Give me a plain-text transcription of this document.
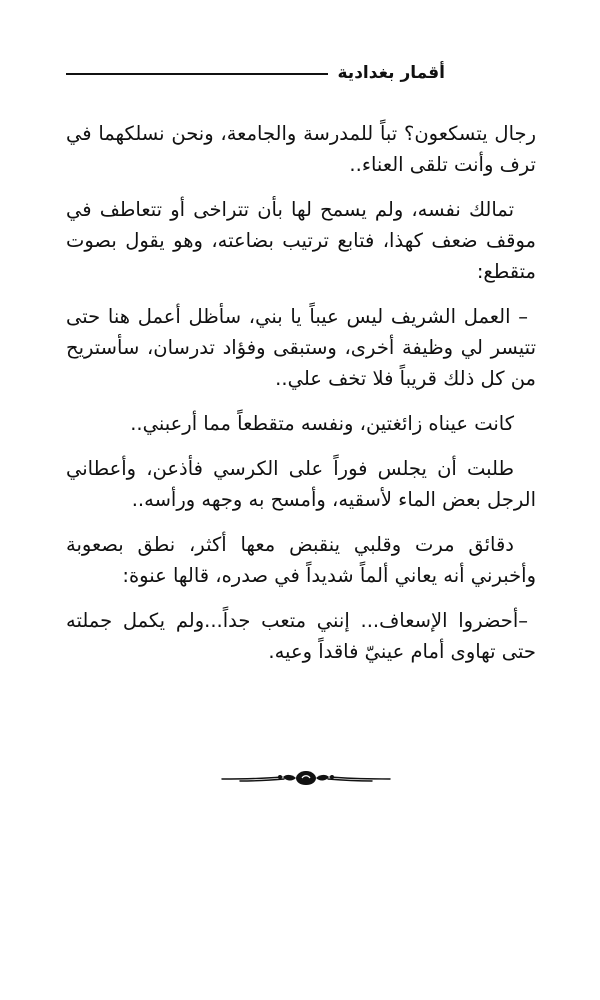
أقمار بغدادية

رجال يتسكعون؟ تباً للمدرسة والجامعة، ونحن نسلكهما في ترف وأنت تلقى العناء..

تمالك نفسه، ولم يسمح لها بأن تتراخى أو تتعاطف في موقف ضعف كهذا، فتابع ترتيب بضاعته، وهو يقول بصوت متقطع:

– العمل الشريف ليس عيباً يا بني، سأظل أعمل هنا حتى تتيسر لي وظيفة أخرى، وستبقى وفؤاد تدرسان، سأستريح من كل ذلك قريباً فلا تخف علي..

كانت عيناه زائغتين، ونفسه متقطعاً مما أرعبني..

طلبت أن يجلس فوراً على الكرسي فأذعن، وأعطاني الرجل بعض الماء لأسقيه، وأمسح به وجهه ورأسه..

دقائق مرت وقلبي ينقبض معها أكثر، نطق بصعوبة وأخبرني أنه يعاني ألماً شديداً في صدره، قالها عنوة:

–أحضروا الإسعاف... إنني متعب جداً...ولم يكمل جملته حتى تهاوى أمام عينيّ فاقداً وعيه.
